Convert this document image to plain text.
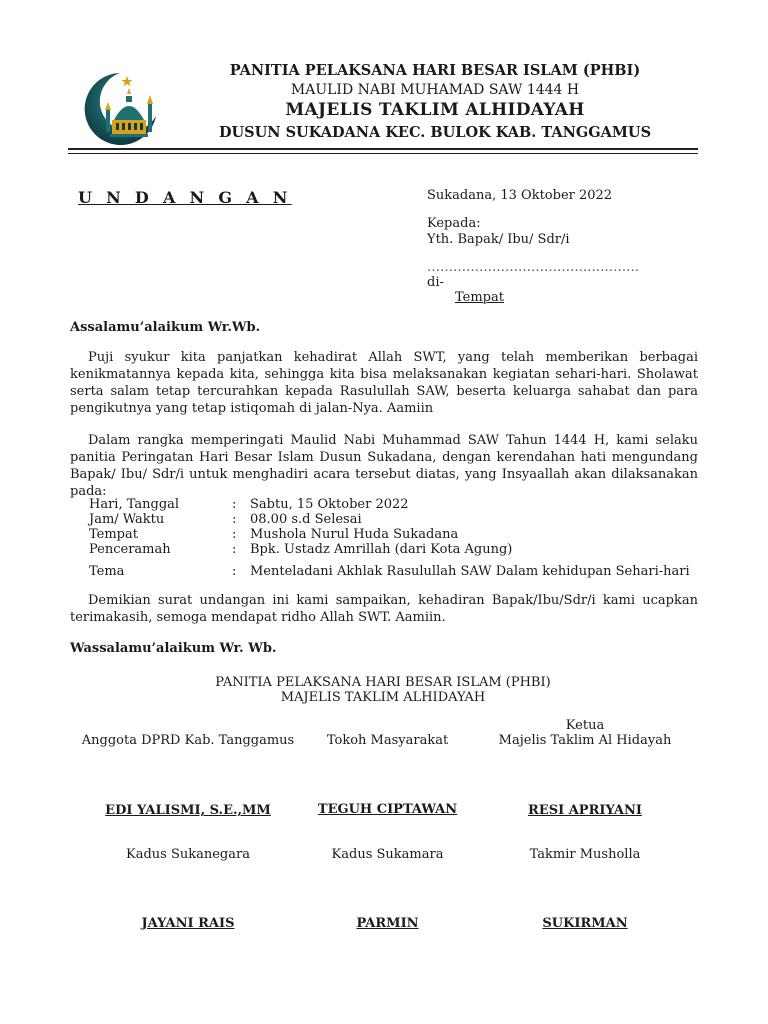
PANITIA PELAKSANA HARI BESAR ISLAM (PHBI)
MAULID NABI MUHAMAD SAW 1444 H
MAJELIS TAKLIM ALHIDAYAH
DUSUN SUKADANA KEC. BULOK KAB. TANGGAMUS
U N D A N G A N	Sukadana, 13 Oktober 2022
Kepada:
Yth. Bapak/ Ibu/ Sdr/i
……………………………….…………
di-
Tempat
Assalamu’alaikum Wr.Wb.
Puji syukur kita panjatkan kehadirat Allah SWT, yang telah memberikan berbagai kenikmatannya kepada kita, sehingga kita bisa melaksanakan kegiatan sehari-hari. Sholawat serta salam tetap tercurahkan kepada Rasulullah SAW, beserta keluarga sahabat dan para pengikutnya yang tetap istiqomah di jalan-Nya. Aamiin
Dalam rangka memperingati Maulid Nabi Muhammad SAW Tahun 1444 H, kami selaku panitia Peringatan Hari Besar Islam Dusun Sukadana, dengan kerendahan hati mengundang Bapak/ Ibu/ Sdr/i untuk menghadiri acara tersebut diatas, yang Insyaallah akan dilaksanakan pada:
Hari, Tanggal	: Sabtu, 15 Oktober 2022
Jam/ Waktu	: 08.00 s.d Selesai
Tempat	: Mushola Nurul Huda Sukadana
Penceramah	: Bpk. Ustadz Amrillah (dari Kota Agung)
Tema	: Menteladani Akhlak Rasulullah SAW Dalam kehidupan Sehari-hari
Demikian surat undangan ini kami sampaikan, kehadiran Bapak/Ibu/Sdr/i kami ucapkan terimakasih, semoga mendapat ridho Allah SWT. Aamiin.
Wassalamu’alaikum Wr. Wb.
PANITIA PELAKSANA HARI BESAR ISLAM (PHBI)
MAJELIS TAKLIM ALHIDAYAH
Ketua
Anggota DPRD Kab. Tanggamus	Tokoh Masyarakat	Majelis Taklim Al Hidayah
EDI YALISMI, S.E.,MM	TEGUH CIPTAWAN	RESI APRIYANI
Kadus Sukanegara	Kadus Sukamara	Takmir Musholla
JAYANI RAIS	PARMIN	SUKIRMAN
